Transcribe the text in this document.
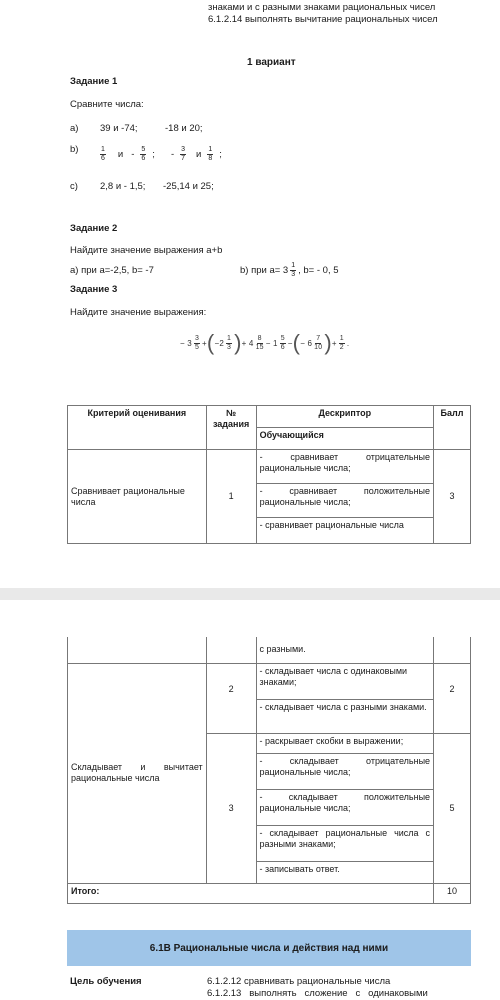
знаками и с разными знаками рациональных чисел
6.1.2.14 выполнять вычитание рациональных чисел
1 вариант
Задание 1
Сравните числа:
a) 39 и -74;	-18 и 20;
b)	$\frac{1}{6}$ и - $\frac{5}{6}$ ; - $\frac{3}{7}$ и $\frac{1}{8}$ ;
c) 2,8 и - 1,5; -25,14 и 25;
Задание 2
Найдите значение выражения a+b
а) при a=-2,5, b= -7	b) при $a= 3 \frac{1}{3}$ , b= - 0, 5
Задание 3
Найдите значение выражения:
− $3 \frac{3}{5}$ + ( $-2 \frac{1}{3}$ ) + $4 \frac{8}{15} - 1 \frac{5}{6}$ − ( − $6 \frac{7}{10}$ ) + $\frac{1}{2}$ .
Критерий оценивания	№ задания	Дескриптор	Балл
		Обучающийся	
Сравнивает рациональные числа	1	- сравнивает отрицательные рациональные числа;	3
		- сравнивает положительные рациональные числа;	
		- сравнивает рациональные числа	
		с разными.	
Складывает и вычитает рациональные числа	2	- складывает числа с одинаковыми знаками;	2
		- складывает числа с разными знаками.	
	3	- раскрывает скобки в выражении;	5
		- складывает отрицательные рациональные числа;	
		- складывает положительные рациональные числа;	
		- складывает рациональные числа с разными знаками;	
		- записывать ответ.	
Итого:			10
6.1В Рациональные числа и действия над ними
Цель обучения	6.1.2.12 сравнивать рациональные числа
6.1.2.13   выполнять   сложение   с   одинаковыми
